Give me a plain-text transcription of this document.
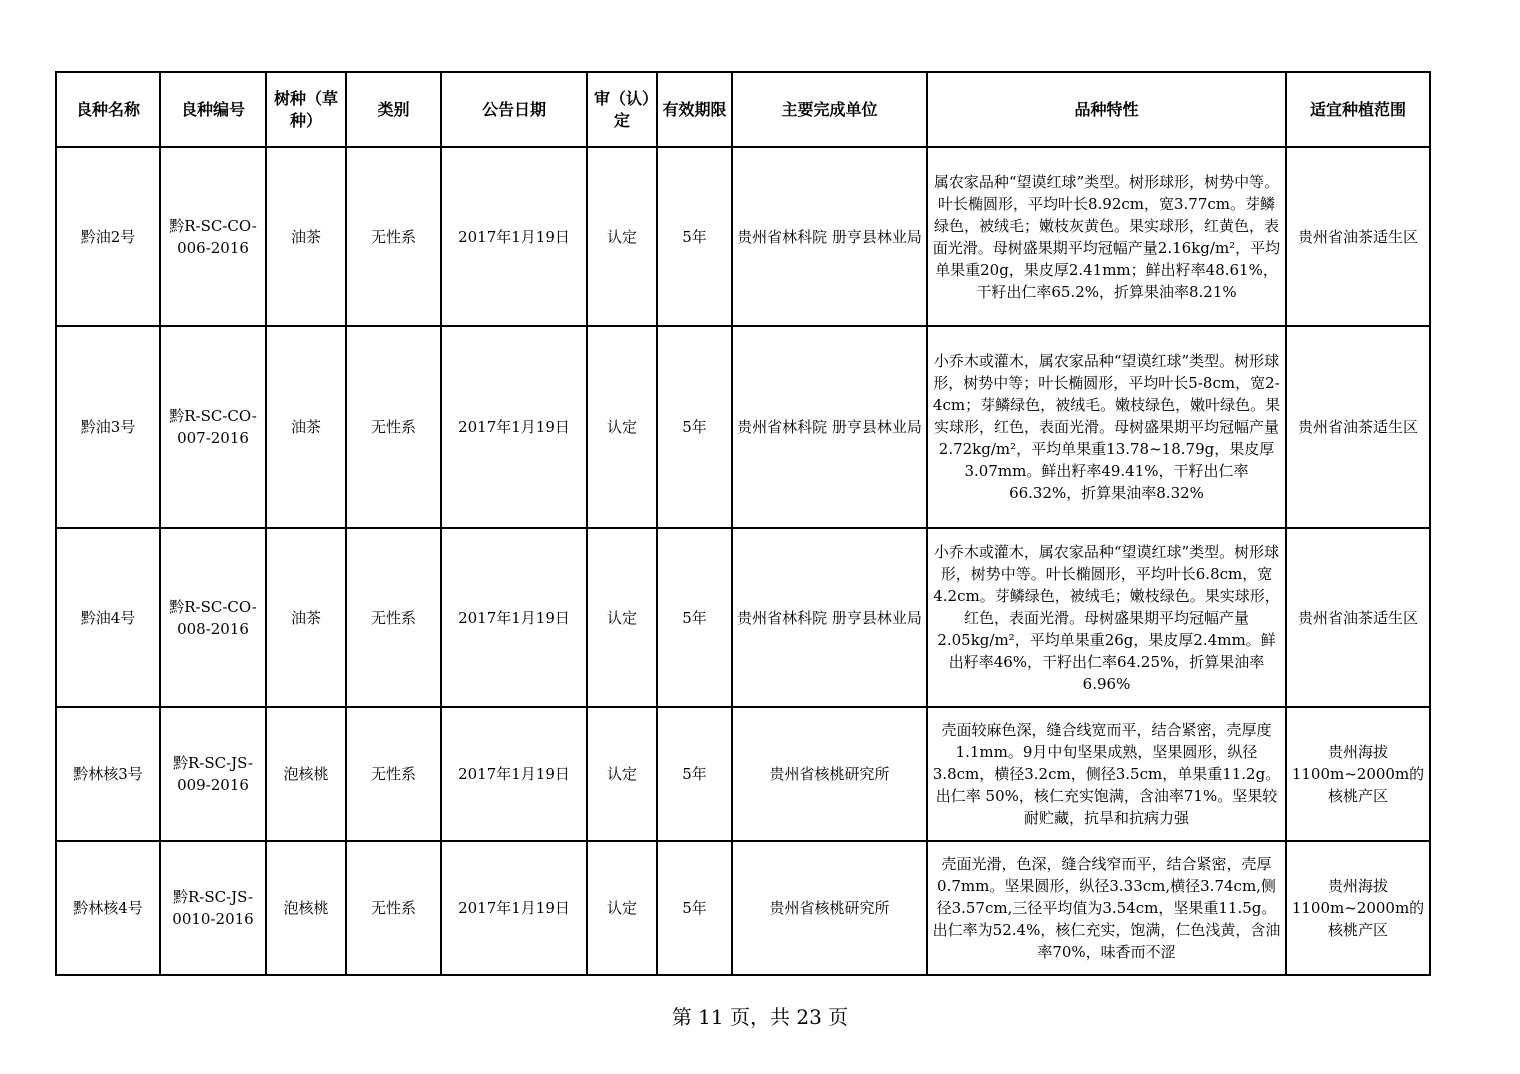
良种名称	良种编号	树种（草种）	类别	公告日期	审（认）定	有效期限	主要完成单位	品种特性	适宜种植范围
黔油2号	黔R-SC-CO-006-2016	油茶	无性系	2017年1月19日	认定	5年	贵州省林科院 册亨县林业局	属农家品种“望谟红球”类型。树形球形，树势中等。叶长椭圆形，平均叶长8.92cm，宽3.77cm。芽鳞绿色，被绒毛；嫩枝灰黄色。果实球形，红黄色，表面光滑。母树盛果期平均冠幅产量2.16kg/m²，平均单果重20g，果皮厚2.41mm；鲜出籽率48.61%，干籽出仁率65.2%，折算果油率8.21%	贵州省油茶适生区
黔油3号	黔R-SC-CO-007-2016	油茶	无性系	2017年1月19日	认定	5年	贵州省林科院 册亨县林业局	小乔木或灌木，属农家品种“望谟红球”类型。树形球形，树势中等；叶长椭圆形，平均叶长5-8cm，宽2-4cm；芽鳞绿色，被绒毛。嫩枝绿色，嫩叶绿色。果实球形，红色，表面光滑。母树盛果期平均冠幅产量2.72kg/m²，平均单果重13.78~18.79g，果皮厚3.07mm。鲜出籽率49.41%，干籽出仁率66.32%，折算果油率8.32%	贵州省油茶适生区
黔油4号	黔R-SC-CO-008-2016	油茶	无性系	2017年1月19日	认定	5年	贵州省林科院 册亨县林业局	小乔木或灌木，属农家品种“望谟红球”类型。树形球形，树势中等。叶长椭圆形，平均叶长6.8cm，宽4.2cm。芽鳞绿色，被绒毛；嫩枝绿色。果实球形，红色，表面光滑。母树盛果期平均冠幅产量2.05kg/m²，平均单果重26g，果皮厚2.4mm。鲜出籽率46%，干籽出仁率64.25%，折算果油率6.96%	贵州省油茶适生区
黔林核3号	黔R-SC-JS-009-2016	泡核桃	无性系	2017年1月19日	认定	5年	贵州省核桃研究所	壳面较麻色深，缝合线宽而平，结合紧密，壳厚度1.1mm。9月中旬坚果成熟，坚果圆形，纵径3.8cm，横径3.2cm，侧径3.5cm，单果重11.2g。出仁率 50%，核仁充实饱满，含油率71%。坚果较耐贮藏，抗旱和抗病力强	贵州海拔1100m~2000m的核桃产区
黔林核4号	黔R-SC-JS-0010-2016	泡核桃	无性系	2017年1月19日	认定	5年	贵州省核桃研究所	壳面光滑，色深，缝合线窄而平，结合紧密，壳厚0.7mm。坚果圆形，纵径3.33cm,横径3.74cm,侧径3.57cm,三径平均值为3.54cm，坚果重11.5g。出仁率为52.4%，核仁充实，饱满，仁色浅黄，含油率70%，味香而不涩	贵州海拔1100m~2000m的核桃产区
第 11 页，共 23 页
